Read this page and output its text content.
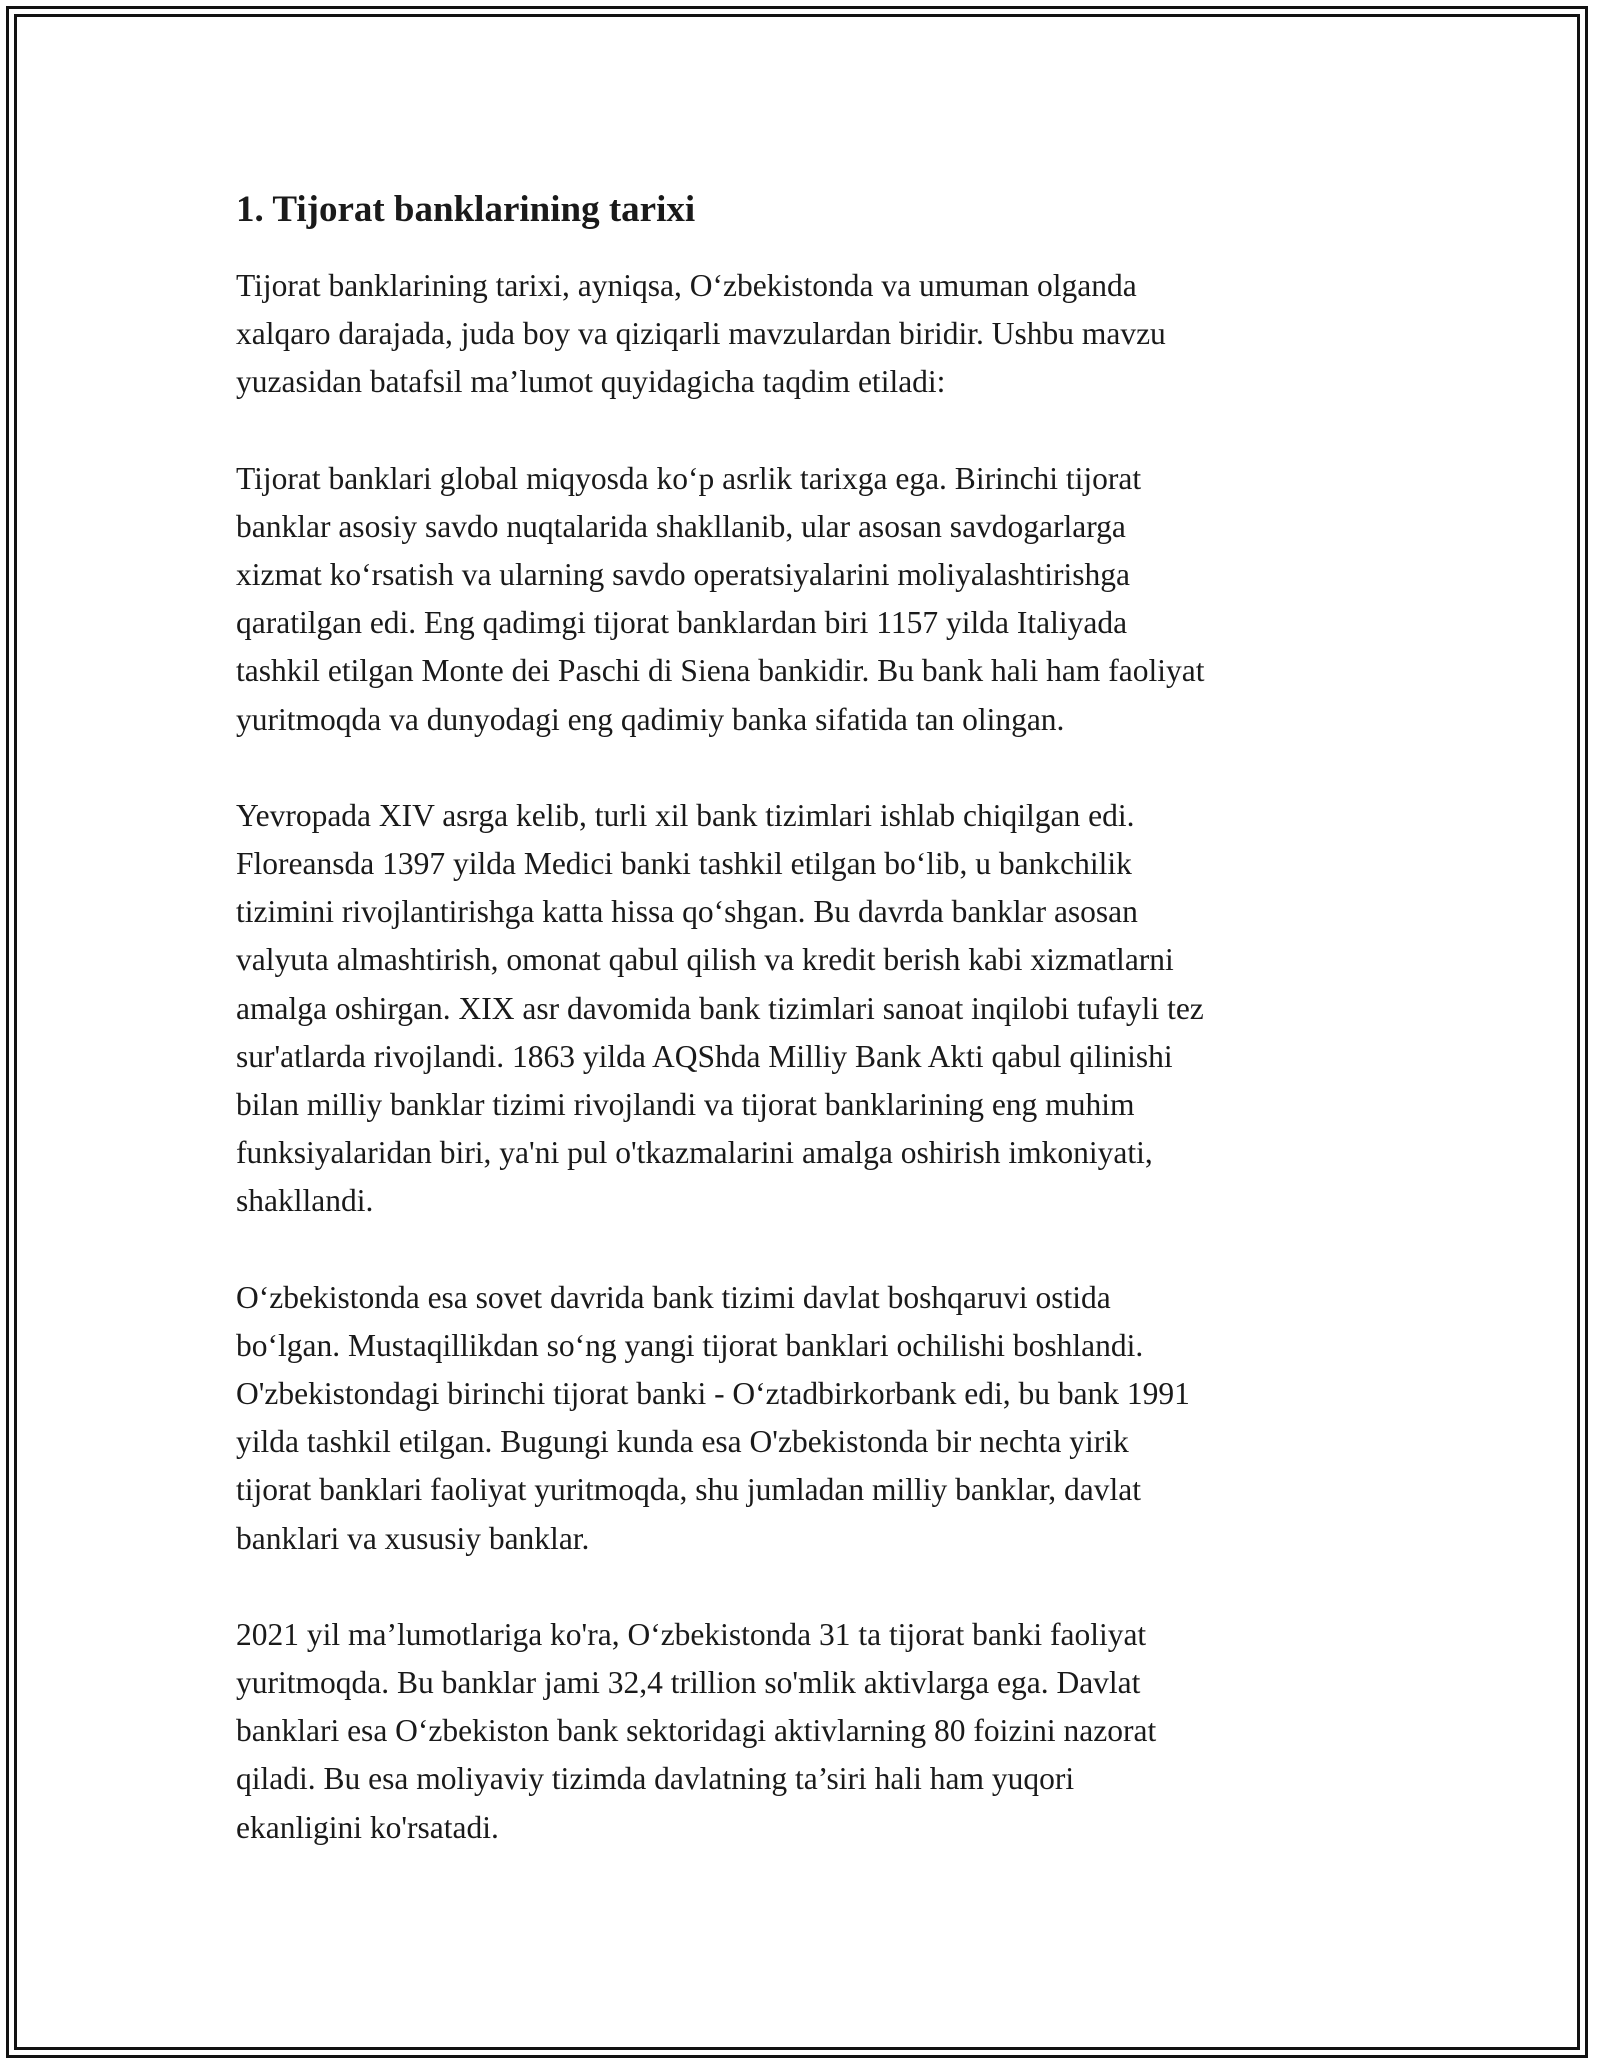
1. Tijorat banklarining tarixi

Tijorat banklarining tarixi, ayniqsa, O‘zbekistonda va umuman olganda
xalqaro darajada, juda boy va qiziqarli mavzulardan biridir. Ushbu mavzu
yuzasidan batafsil ma’lumot quyidagicha taqdim etiladi:

Tijorat banklari global miqyosda ko‘p asrlik tarixga ega. Birinchi tijorat
banklar asosiy savdo nuqtalarida shakllanib, ular asosan savdogarlarga
xizmat ko‘rsatish va ularning savdo operatsiyalarini moliyalashtirishga
qaratilgan edi. Eng qadimgi tijorat banklardan biri 1157 yilda Italiyada
tashkil etilgan Monte dei Paschi di Siena bankidir. Bu bank hali ham faoliyat
yuritmoqda va dunyodagi eng qadimiy banka sifatida tan olingan.

Yevropada XIV asrga kelib, turli xil bank tizimlari ishlab chiqilgan edi.
Floreansda 1397 yilda Medici banki tashkil etilgan bo‘lib, u bankchilik
tizimini rivojlantirishga katta hissa qo‘shgan. Bu davrda banklar asosan
valyuta almashtirish, omonat qabul qilish va kredit berish kabi xizmatlarni
amalga oshirgan. XIX asr davomida bank tizimlari sanoat inqilobi tufayli tez
sur'atlarda rivojlandi. 1863 yilda AQShda Milliy Bank Akti qabul qilinishi
bilan milliy banklar tizimi rivojlandi va tijorat banklarining eng muhim
funksiyalaridan biri, ya'ni pul o'tkazmalarini amalga oshirish imkoniyati,
shakllandi.

O‘zbekistonda esa sovet davrida bank tizimi davlat boshqaruvi ostida
bo‘lgan. Mustaqillikdan so‘ng yangi tijorat banklari ochilishi boshlandi.
O'zbekistondagi birinchi tijorat banki - O‘ztadbirkorbank edi, bu bank 1991
yilda tashkil etilgan. Bugungi kunda esa O'zbekistonda bir nechta yirik
tijorat banklari faoliyat yuritmoqda, shu jumladan milliy banklar, davlat
banklari va xususiy banklar.

2021 yil ma’lumotlariga ko'ra, O‘zbekistonda 31 ta tijorat banki faoliyat
yuritmoqda. Bu banklar jami 32,4 trillion so'mlik aktivlarga ega. Davlat
banklari esa O‘zbekiston bank sektoridagi aktivlarning 80 foizini nazorat
qiladi. Bu esa moliyaviy tizimda davlatning ta’siri hali ham yuqori
ekanligini ko'rsatadi.
